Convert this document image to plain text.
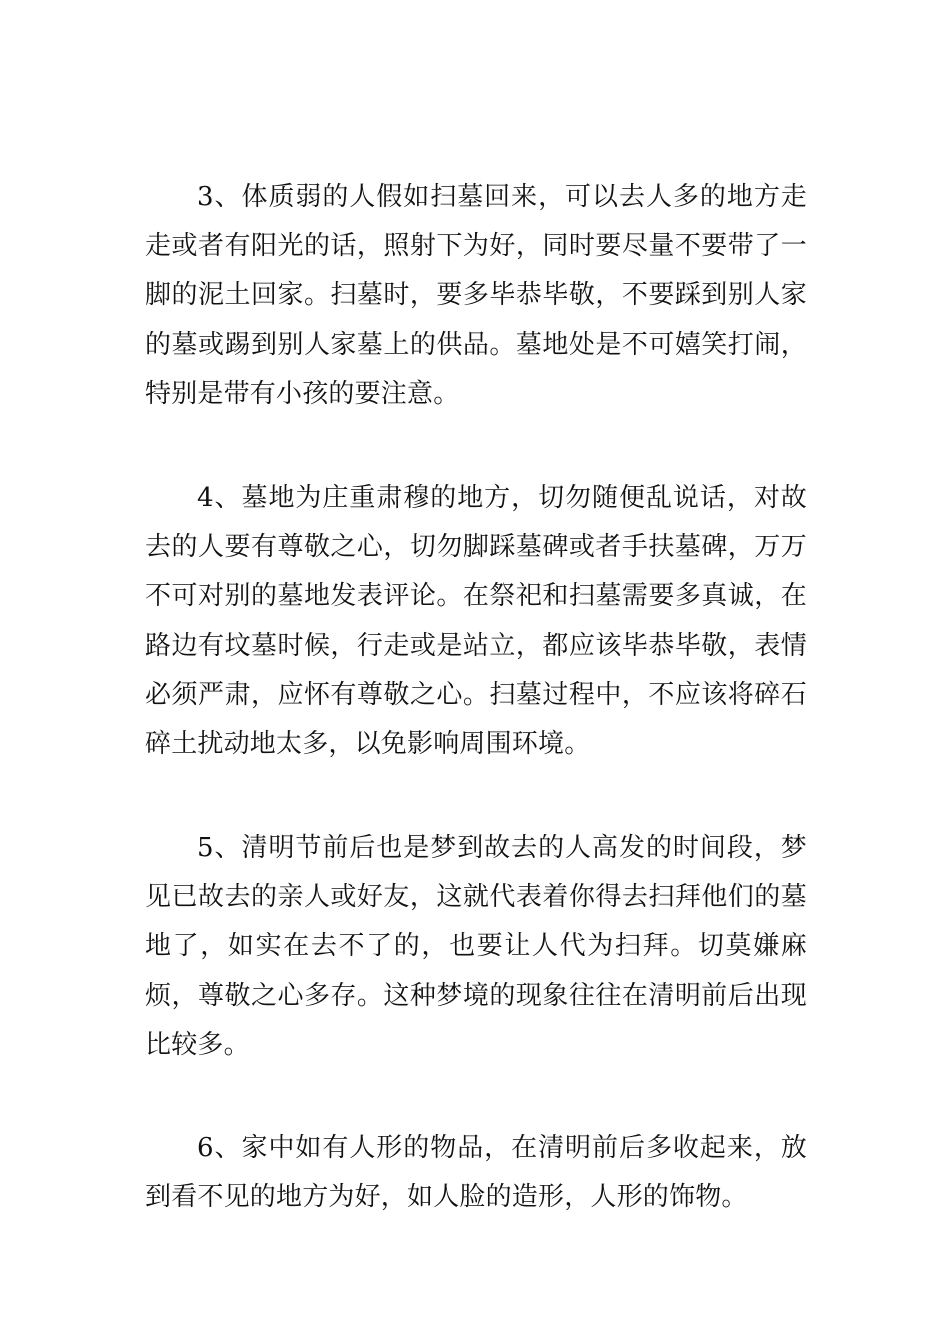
3、体质弱的人假如扫墓回来，可以去人多的地方走走或者有阳光的话，照射下为好，同时要尽量不要带了一脚的泥土回家。扫墓时，要多毕恭毕敬，不要踩到别人家的墓或踢到别人家墓上的供品。墓地处是不可嬉笑打闹，特别是带有小孩的要注意。

4、墓地为庄重肃穆的地方，切勿随便乱说话，对故去的人要有尊敬之心，切勿脚踩墓碑或者手扶墓碑，万万不可对别的墓地发表评论。在祭祀和扫墓需要多真诚，在路边有坟墓时候，行走或是站立，都应该毕恭毕敬，表情必须严肃，应怀有尊敬之心。扫墓过程中，不应该将碎石碎土扰动地太多，以免影响周围环境。

5、清明节前后也是梦到故去的人高发的时间段，梦见已故去的亲人或好友，这就代表着你得去扫拜他们的墓地了，如实在去不了的，也要让人代为扫拜。切莫嫌麻烦，尊敬之心多存。这种梦境的现象往往在清明前后出现比较多。

6、家中如有人形的物品，在清明前后多收起来，放到看不见的地方为好，如人脸的造形，人形的饰物。
